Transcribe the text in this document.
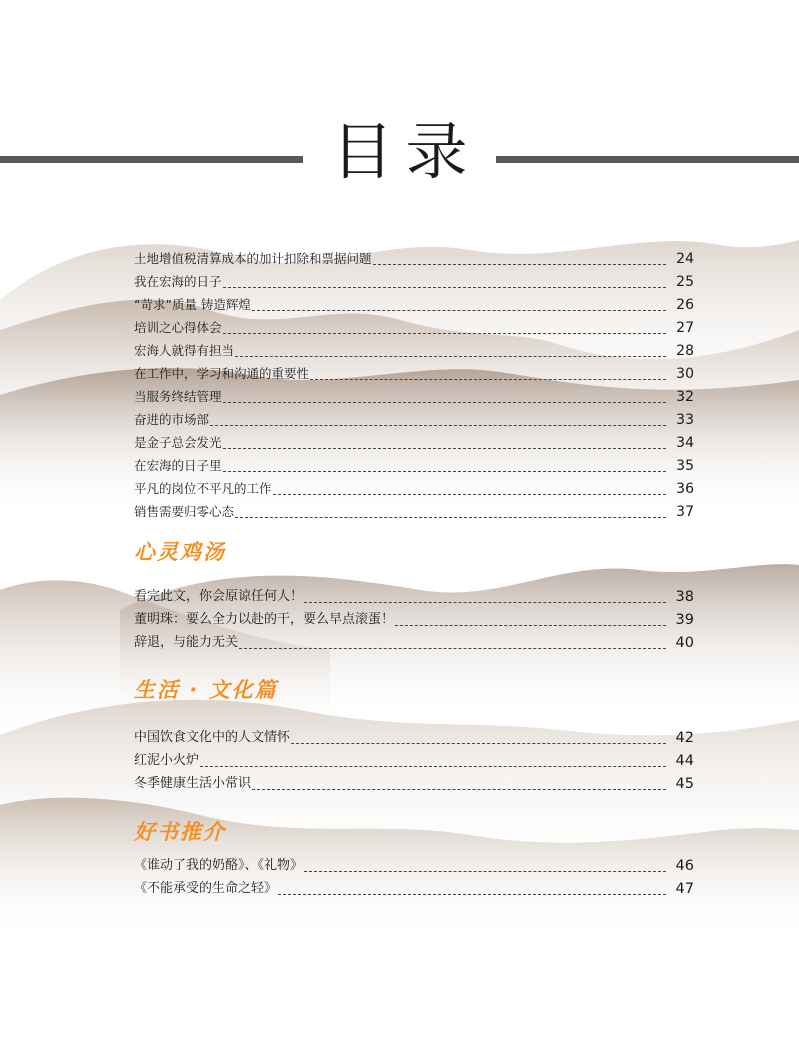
目录
土地增值税清算成本的加计扣除和票据问题	24
我在宏海的日子	25
“苛求”质量 铸造辉煌	26
培训之心得体会	27
宏海人就得有担当	28
在工作中，学习和沟通的重要性	30
当服务终结管理	32
奋进的市场部	33
是金子总会发光	34
在宏海的日子里	35
平凡的岗位不平凡的工作	36
销售需要归零心态	37
心灵鸡汤
看完此文，你会原谅任何人！	38
董明珠：要么全力以赴的干，要么早点滚蛋！	39
辞退，与能力无关	40
生活 · 文化篇
中国饮食文化中的人文情怀	42
红泥小火炉	44
冬季健康生活小常识	45
好书推介
《谁动了我的奶酪》、《礼物》	46
《不能承受的生命之轻》	47
